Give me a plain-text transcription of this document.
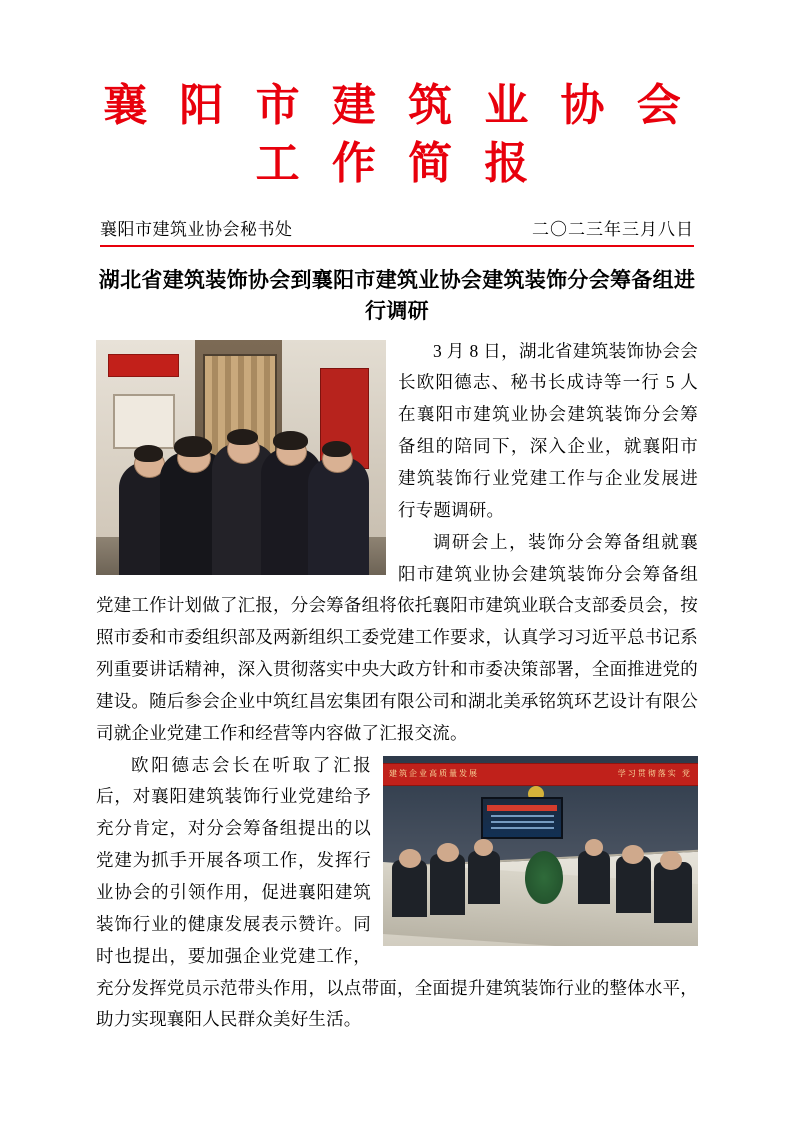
襄 阳 市 建 筑 业 协 会
工 作 简 报
襄阳市建筑业协会秘书处	二〇二三年三月八日
湖北省建筑装饰协会到襄阳市建筑业协会建筑装饰分会筹备组进行调研

3 月 8 日，湖北省建筑装饰协会会长欧阳德志、秘书长成诗等一行 5 人在襄阳市建筑业协会建筑装饰分会筹备组的陪同下，深入企业，就襄阳市建筑装饰行业党建工作与企业发展进行专题调研。

调研会上，装饰分会筹备组就襄阳市建筑业协会建筑装饰分会筹备组党建工作计划做了汇报，分会筹备组将依托襄阳市建筑业联合支部委员会，按照市委和市委组织部及两新组织工委党建工作要求，认真学习习近平总书记系列重要讲话精神，深入贯彻落实中央大政方针和市委决策部署，全面推进党的建设。随后参会企业中筑红昌宏集团有限公司和湖北美承铭筑环艺设计有限公司就企业党建工作和经营等内容做了汇报交流。

建筑企业高质量发展	学习贯彻落实 党

欧阳德志会长在听取了汇报后，对襄阳建筑装饰行业党建给予充分肯定，对分会筹备组提出的以党建为抓手开展各项工作，发挥行业协会的引领作用，促进襄阳建筑装饰行业的健康发展表示赞许。同时也提出，要加强企业党建工作，充分发挥党员示范带头作用，以点带面，全面提升建筑装饰行业的整体水平，助力实现襄阳人民群众美好生活。
